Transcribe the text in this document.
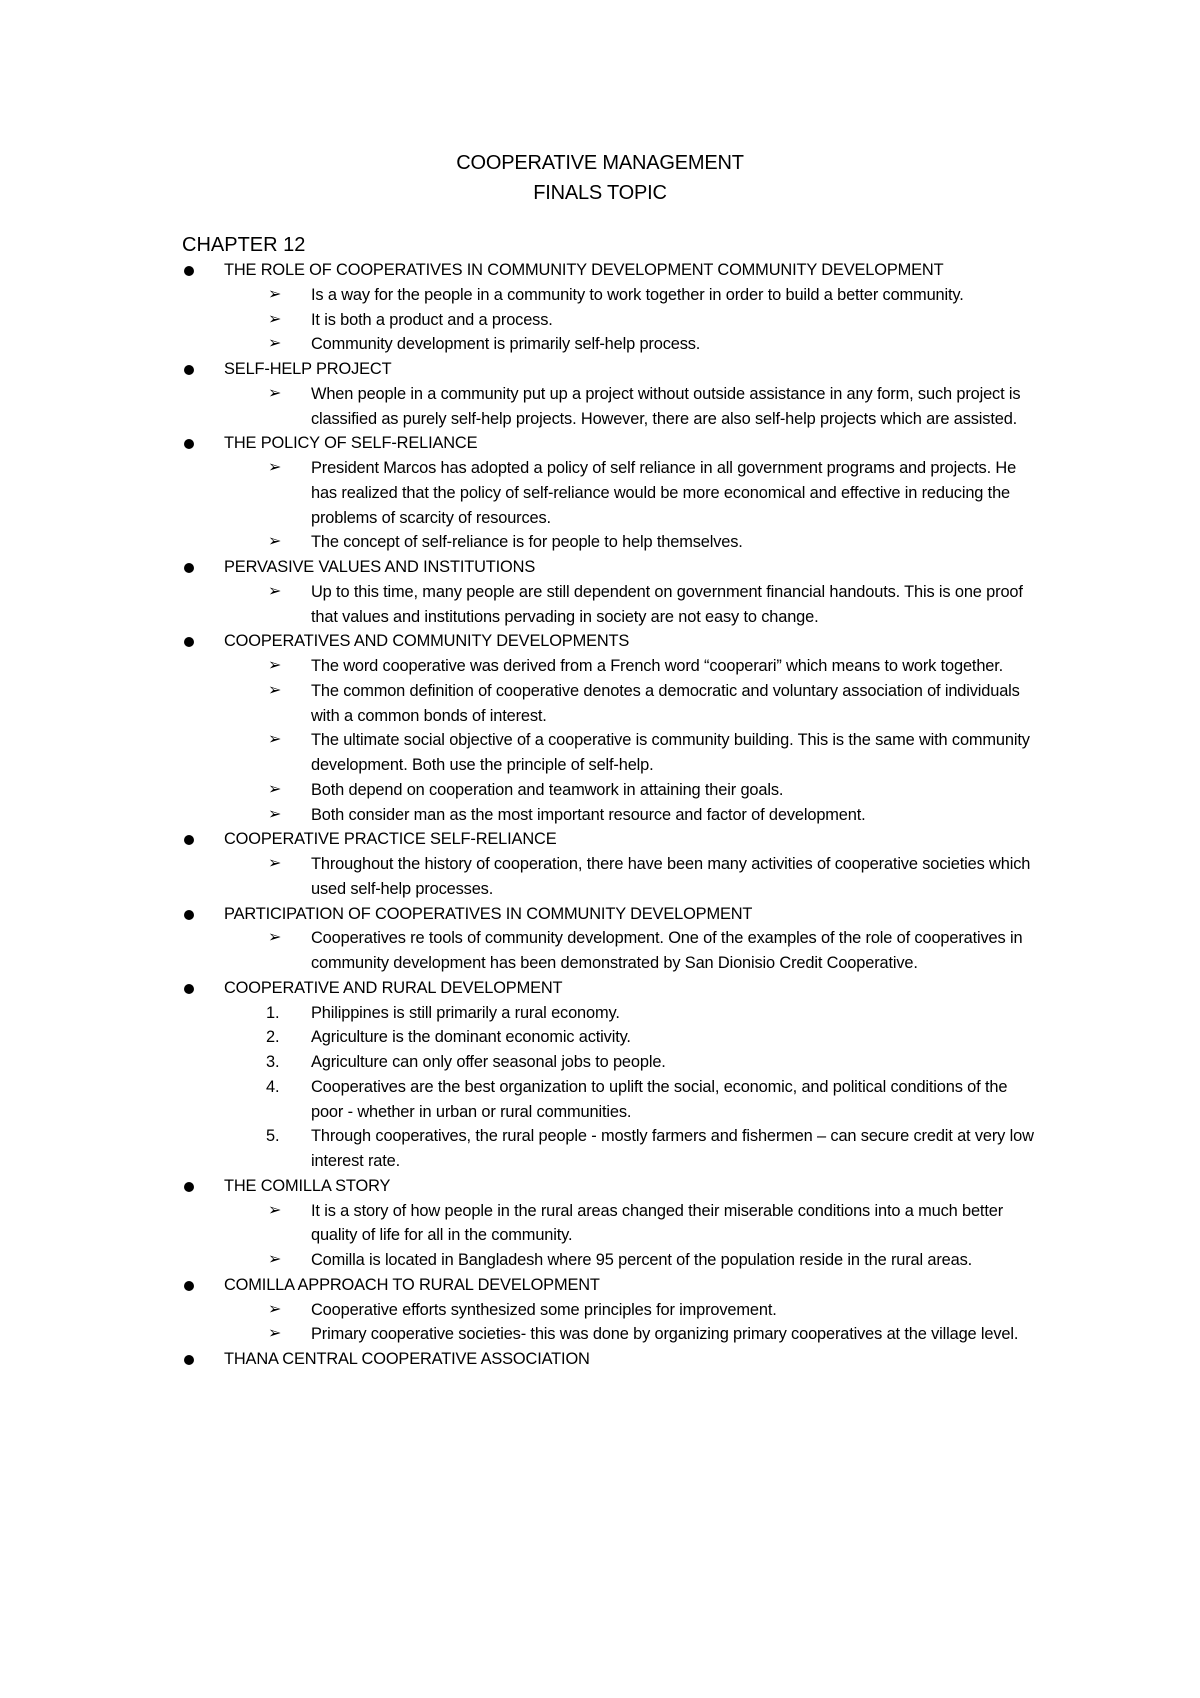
COOPERATIVE MANAGEMENT
FINALS TOPIC
CHAPTER 12
THE ROLE OF COOPERATIVES IN COMMUNITY DEVELOPMENT COMMUNITY DEVELOPMENT
➢ Is a way for the people in a community to work together in order to build a better community.
➢ It is both a product and a process.
➢ Community development is primarily self-help process.
SELF-HELP PROJECT
➢ When people in a community put up a project without outside assistance in any form, such project is classified as purely self-help projects. However, there are also self-help projects which are assisted.
THE POLICY OF SELF-RELIANCE
➢ President Marcos has adopted a policy of self reliance in all government programs and projects. He has realized that the policy of self-reliance would be more economical and effective in reducing the problems of scarcity of resources.
➢ The concept of self-reliance is for people to help themselves.
PERVASIVE VALUES AND INSTITUTIONS
➢ Up to this time, many people are still dependent on government financial handouts. This is one proof that values and institutions pervading in society are not easy to change.
COOPERATIVES AND COMMUNITY DEVELOPMENTS
➢ The word cooperative was derived from a French word “cooperari” which means to work together.
➢ The common definition of cooperative denotes a democratic and voluntary association of individuals with a common bonds of interest.
➢ The ultimate social objective of a cooperative is community building. This is the same with community development. Both use the principle of self-help.
➢ Both depend on cooperation and teamwork in attaining their goals.
➢ Both consider man as the most important resource and factor of development.
COOPERATIVE PRACTICE SELF-RELIANCE
➢ Throughout the history of cooperation, there have been many activities of cooperative societies which used self-help processes.
PARTICIPATION OF COOPERATIVES IN COMMUNITY DEVELOPMENT
➢ Cooperatives re tools of community development. One of the examples of the role of cooperatives in community development has been demonstrated by San Dionisio Credit Cooperative.
COOPERATIVE AND RURAL DEVELOPMENT
1. Philippines is still primarily a rural economy.
2. Agriculture is the dominant economic activity.
3. Agriculture can only offer seasonal jobs to people.
4. Cooperatives are the best organization to uplift the social, economic, and political conditions of the poor - whether in urban or rural communities.
5. Through cooperatives, the rural people - mostly farmers and fishermen – can secure credit at very low interest rate.
THE COMILLA STORY
➢ It is a story of how people in the rural areas changed their miserable conditions into a much better quality of life for all in the community.
➢ Comilla is located in Bangladesh where 95 percent of the population reside in the rural areas.
COMILLA APPROACH TO RURAL DEVELOPMENT
➢ Cooperative efforts synthesized some principles for improvement.
➢ Primary cooperative societies- this was done by organizing primary cooperatives at the village level.
THANA CENTRAL COOPERATIVE ASSOCIATION
